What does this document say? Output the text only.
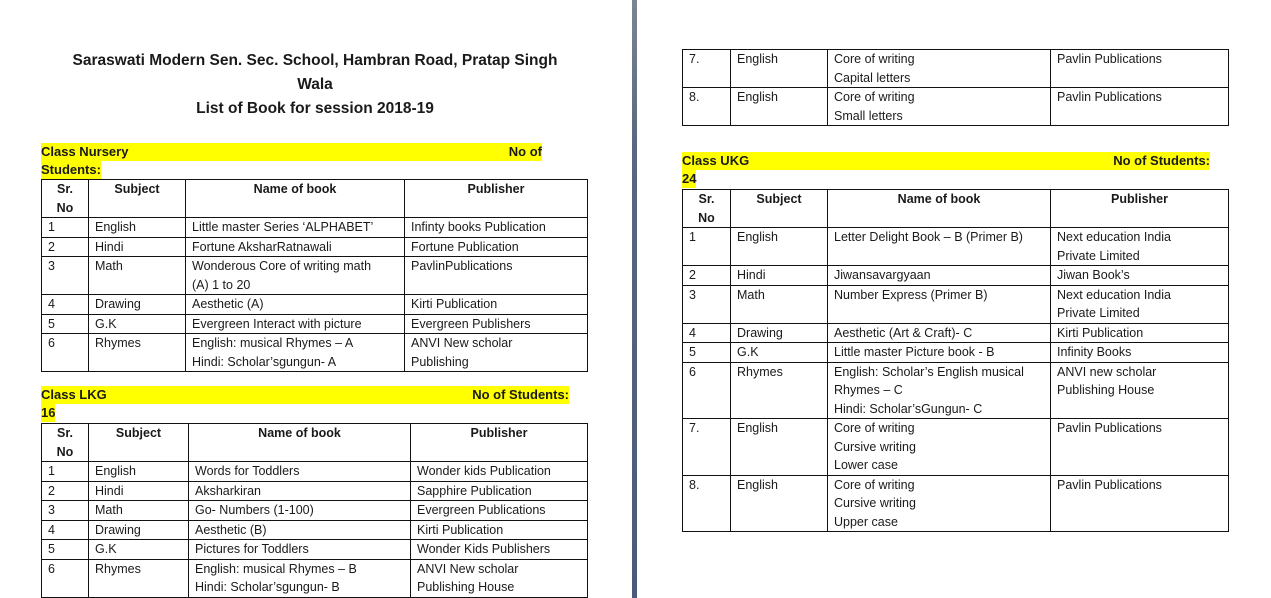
Saraswati Modern Sen. Sec. School, Hambran Road, Pratap Singh
Wala
List of Book for session 2018-19
Class Nursery	No of
Students:
Sr.
No	Subject	Name of book	Publisher
1	English	Little master Series ‘ALPHABET’	Infinty books Publication

2	Hindi	Fortune AksharRatnawali	Fortune Publication

3	Math	Wonderous Core of writing math
(A) 1 to 20	PavlinPublications

4	Drawing	Aesthetic (A)	Kirti Publication

5	G.K	Evergreen Interact with picture	Evergreen Publishers

6	Rhymes	English: musical Rhymes – A
Hindi: Scholar’sgungun- A	ANVI New scholar
Publishing
Class LKG	No of Students:
16
Sr.
No	Subject	Name of book	Publisher
1	English	Words for Toddlers	Wonder kids Publication

2	Hindi	Aksharkiran	Sapphire Publication

3	Math	Go- Numbers (1-100)	Evergreen Publications

4	Drawing	Aesthetic (B)	Kirti Publication

5	G.K	Pictures for Toddlers	Wonder Kids Publishers

6	Rhymes	English: musical Rhymes – B
Hindi: Scholar’sgungun- B	ANVI New scholar
Publishing House
7.	English	Core of writing
Capital letters	Pavlin Publications

8.	English	Core of writing
Small letters	Pavlin Publications
Class UKG	No of Students:
24
Sr.
No	Subject	Name of book	Publisher
1	English	Letter Delight Book – B (Primer B)	Next education India
Private Limited

2	Hindi	Jiwansavargyaan	Jiwan Book’s

3	Math	Number Express (Primer B)	Next education India
Private Limited

4	Drawing	Aesthetic (Art & Craft)- C	Kirti Publication

5	G.K	Little master Picture book - B	Infinity Books

6	Rhymes	English: Scholar’s English musical
Rhymes – C
Hindi: Scholar’sGungun- C	ANVI new scholar
Publishing House

7.	English	Core of writing
Cursive writing
Lower case	Pavlin Publications

8.	English	Core of writing
Cursive writing
Upper case	Pavlin Publications
